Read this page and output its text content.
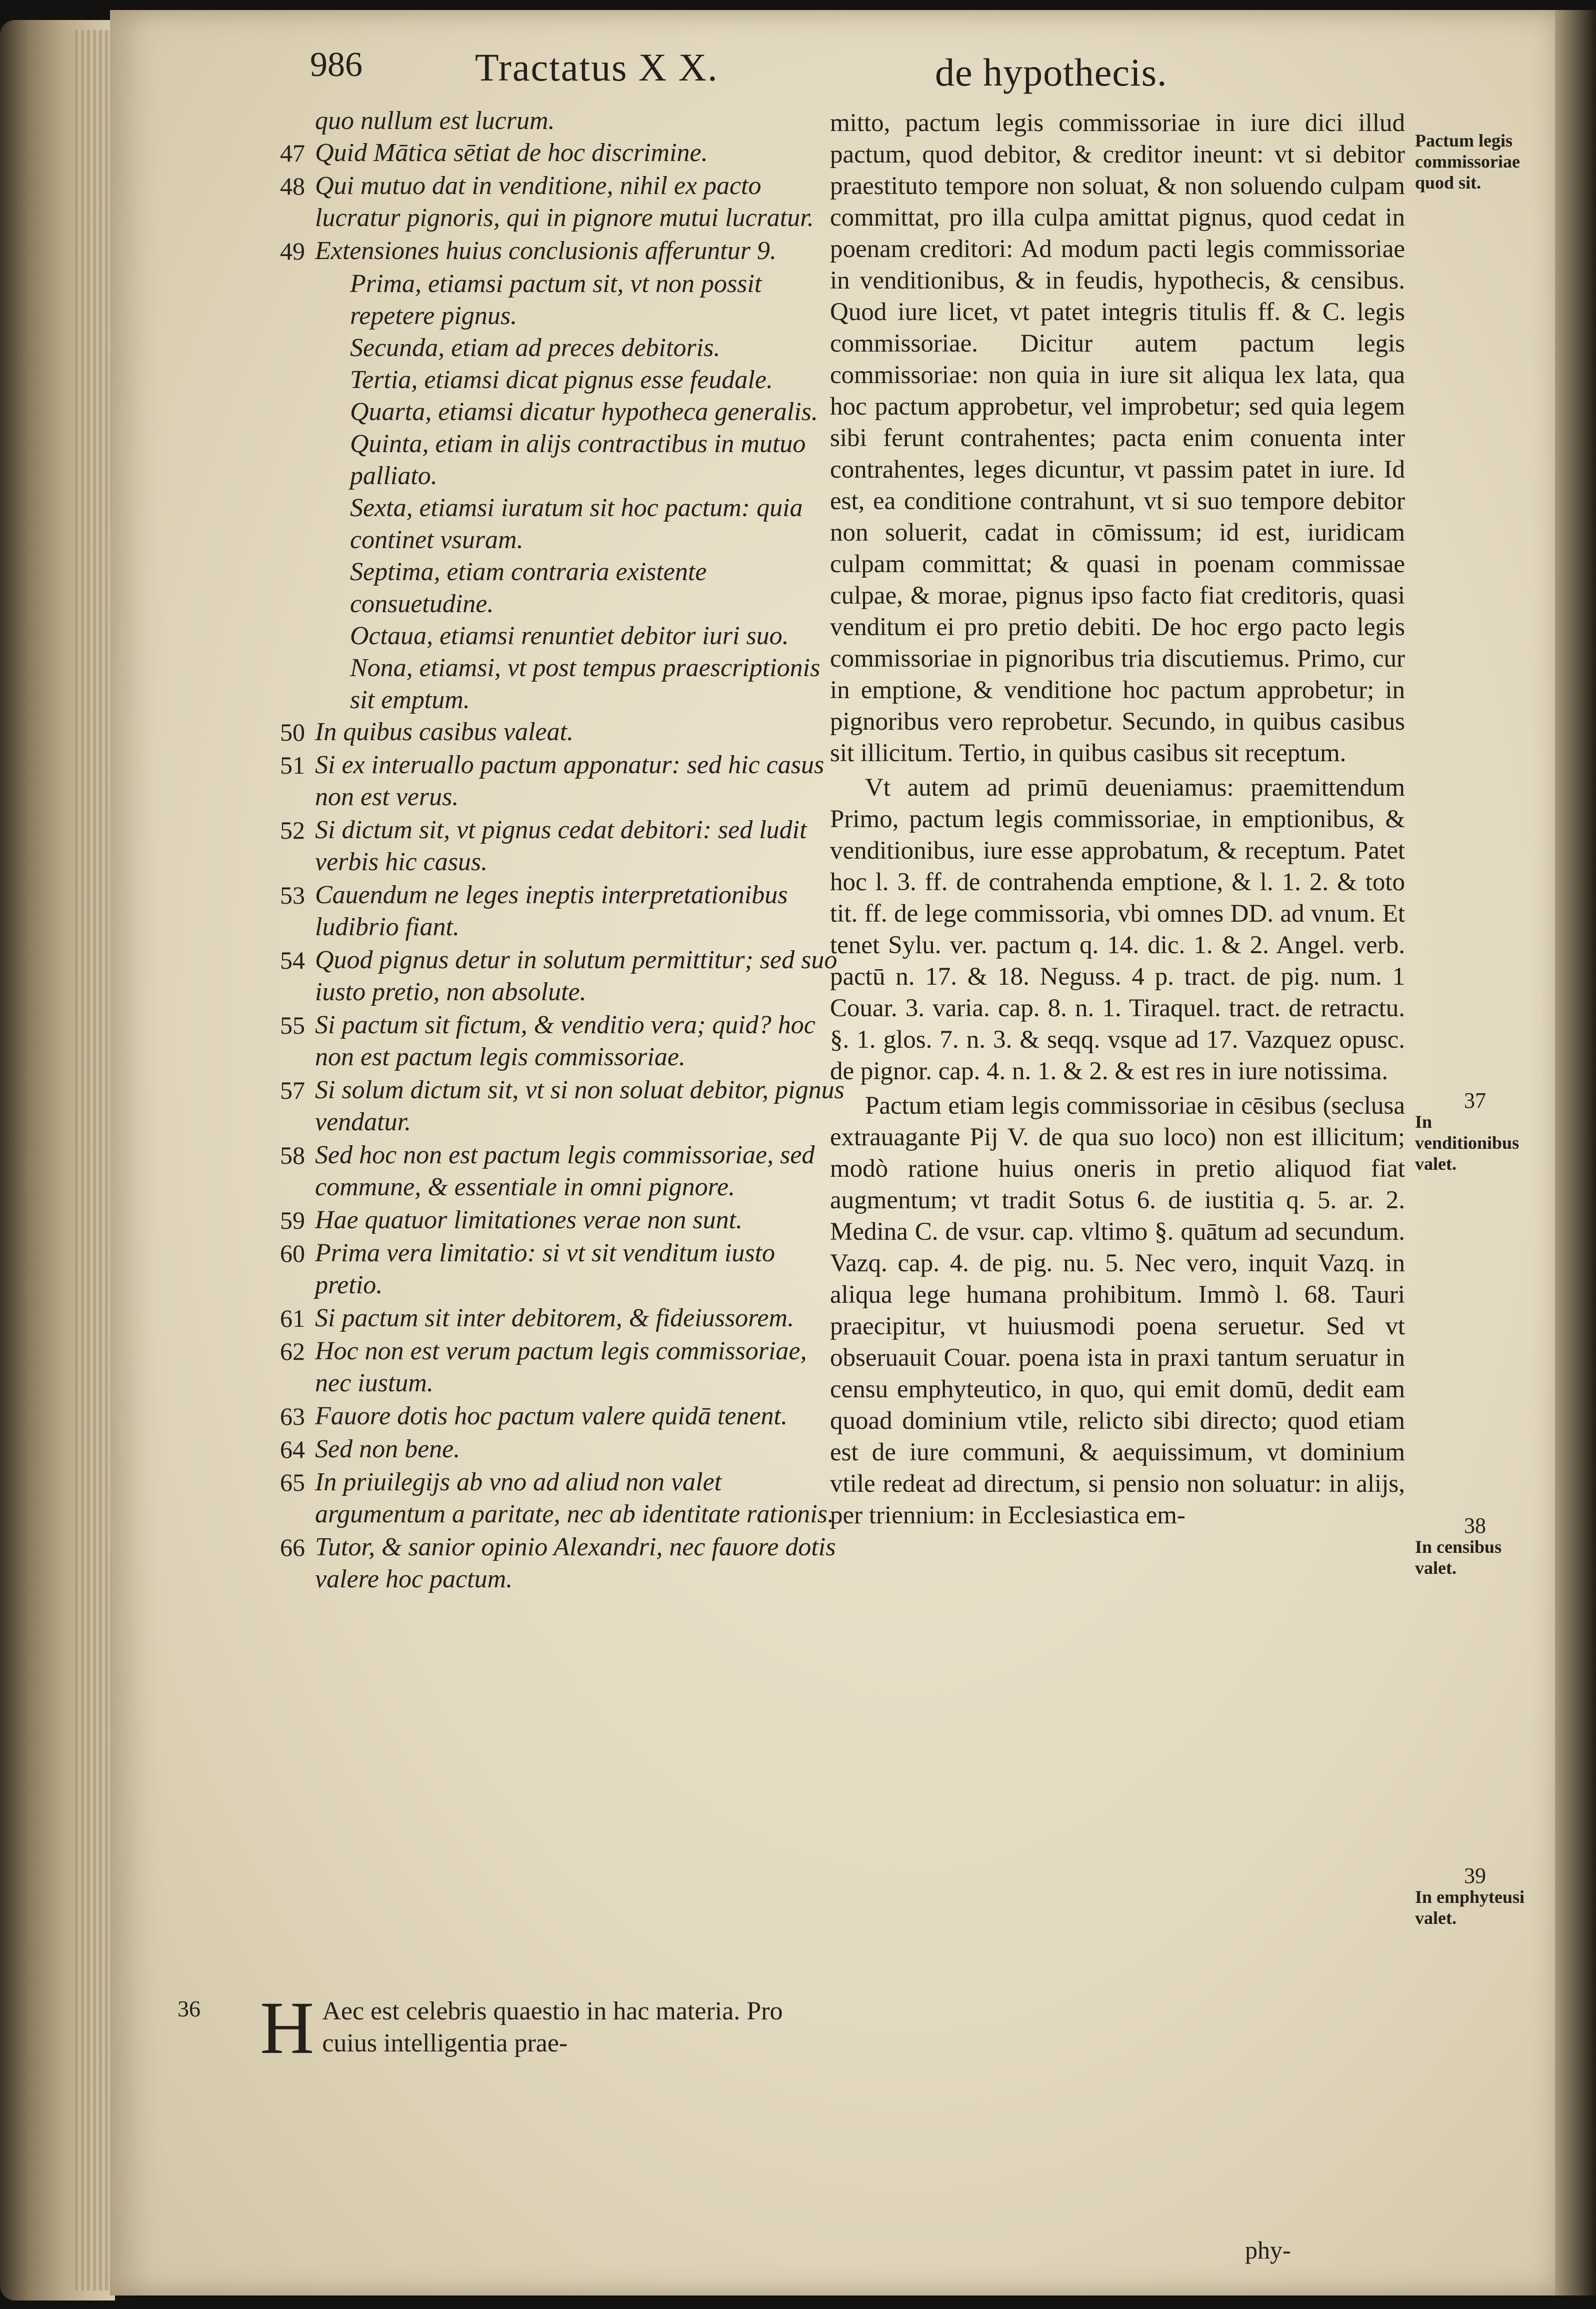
986	Tractatus X X.	de hypothecis.
quo nullum est lucrum.
47 Quid Mātica sētiat de hoc discrimine.
48 Qui mutuo dat in venditione, nihil ex pacto lucratur pignoris, qui in pignore mutui lucratur.
49 Extensiones huius conclusionis afferuntur 9.
Prima, etiamsi pactum sit, vt non possit repetere pignus.
Secunda, etiam ad preces debitoris.
Tertia, etiamsi dicat pignus esse feudale.
Quarta, etiamsi dicatur hypotheca generalis.
Quinta, etiam in alijs contractibus in mutuo palliato.
Sexta, etiamsi iuratum sit hoc pactum: quia continet vsuram.
Septima, etiam contraria existente consuetudine.
Octaua, etiamsi renuntiet debitor iuri suo.
Nona, etiamsi, vt post tempus praescriptionis sit emptum.
50 In quibus casibus valeat.
51 Si ex interuallo pactum apponatur: sed hic casus non est verus.
52 Si dictum sit, vt pignus cedat debitori: sed ludit verbis hic casus.
53 Cauendum ne leges ineptis interpretationibus ludibrio fiant.
54 Quod pignus detur in solutum permittitur; sed suo iusto pretio, non absolute.
55 Si pactum sit fictum, & venditio vera; quid? hoc non est pactum legis commissoriae.
57 Si solum dictum sit, vt si non soluat debitor, pignus vendatur.
58 Sed hoc non est pactum legis commissoriae, sed commune, & essentiale in omni pignore.
59 Hae quatuor limitationes verae non sunt.
60 Prima vera limitatio: si vt sit venditum iusto pretio.
61 Si pactum sit inter debitorem, & fideiussorem.
62 Hoc non est verum pactum legis commissoriae, nec iustum.
63 Fauore dotis hoc pactum valere quidā tenent.
64 Sed non bene.
65 In priuilegijs ab vno ad aliud non valet argumentum a paritate, nec ab identitate rationis.
66 Tutor, & sanior opinio Alexandri, nec fauore dotis valere hoc pactum.
36 H Aec est celebris quaestio in hac materia. Pro cuius intelligentia prae-

mitto, pactum legis commissoriae in iure dici illud pactum, quod debitor, & creditor ineunt: vt si debitor praestituto tempore non soluat, & non soluendo culpam committat, pro illa culpa amittat pignus, quod cedat in poenam creditori: Ad modum pacti legis commissoriae in venditionibus, & in feudis, hypothecis, & censibus. Quod iure licet, vt patet integris titulis ff. & C. legis commissoriae. Dicitur autem pactum legis commissoriae: non quia in iure sit aliqua lex lata, qua hoc pactum approbetur, vel improbetur; sed quia legem sibi ferunt contrahentes; pacta enim conuenta inter contrahentes, leges dicuntur, vt passim patet in iure. Id est, ea conditione contrahunt, vt si suo tempore debitor non soluerit, cadat in cōmissum; id est, iuridicam culpam committat; & quasi in poenam commissae culpae, & morae, pignus ipso facto fiat creditoris, quasi venditum ei pro pretio debiti. De hoc ergo pacto legis commissoriae in pignoribus tria discutiemus. Primo, cur in emptione, & venditione hoc pactum approbetur; in pignoribus vero reprobetur. Secundo, in quibus casibus sit illicitum. Tertio, in quibus casibus sit receptum.

Vt autem ad primū deueniamus: praemittendum Primo, pactum legis commissoriae, in emptionibus, & venditionibus, iure esse approbatum, & receptum. Patet hoc l. 3. ff. de contrahenda emptione, & l. 1. 2. & toto tit. ff. de lege commissoria, vbi omnes DD. ad vnum. Et tenet Sylu. ver. pactum q. 14. dic. 1. & 2. Angel. verb. pactū n. 17. & 18. Neguss. 4 p. tract. de pig. num. 1 Couar. 3. varia. cap. 8. n. 1. Tiraquel. tract. de retractu. §. 1. glos. 7. n. 3. & seqq. vsque ad 17. Vazquez opusc. de pignor. cap. 4. n. 1. & 2. & est res in iure notissima.

Pactum etiam legis commissoriae in cēsibus (seclusa extrauagante Pij V. de qua suo loco) non est illicitum; modò ratione huius oneris in pretio aliquod fiat augmentum; vt tradit Sotus 6. de iustitia q. 5. ar. 2. Medina C. de vsur. cap. vltimo §. quātum ad secundum. Vazq. cap. 4. de pig. nu. 5. Nec vero, inquit Vazq. in aliqua lege humana prohibitum. Immò l. 68. Tauri praecipitur, vt huiusmodi poena seruetur. Sed vt obseruauit Couar. poena ista in praxi tantum seruatur in censu emphyteutico, in quo, qui emit domū, dedit eam quoad dominium vtile, relicto sibi directo; quod etiam est de iure communi, & aequissimum, vt dominium vtile redeat ad directum, si pensio non soluatur: in alijs, per triennium: in Ecclesiastica em-

Pactum legis commissoriae quod sit.
37
In venditionibus valet.
38
In censibus valet.
39
In emphyteusi valet.
phy-
